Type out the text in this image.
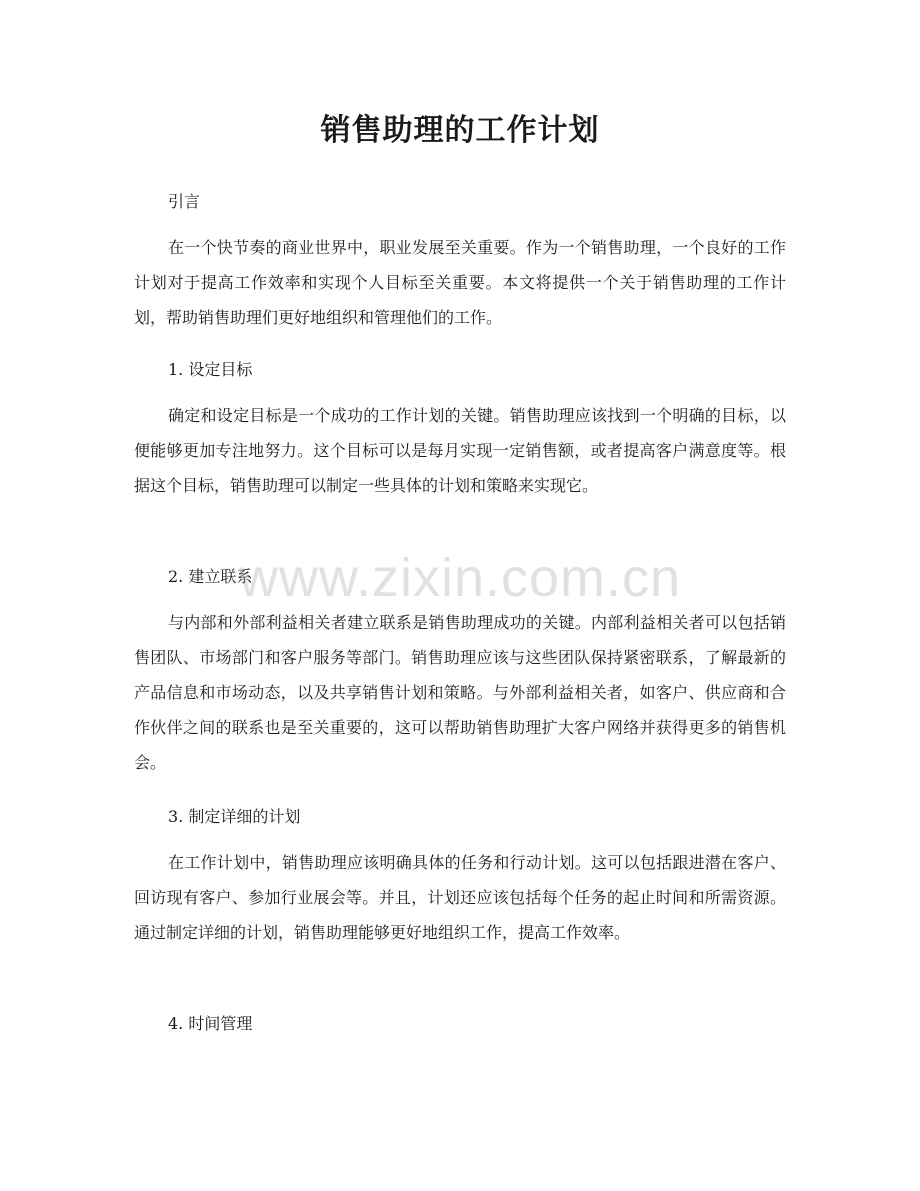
销售助理的工作计划

引言

在一个快节奏的商业世界中，职业发展至关重要。作为一个销售助理，一个良好的工作计划对于提高工作效率和实现个人目标至关重要。本文将提供一个关于销售助理的工作计划，帮助销售助理们更好地组织和管理他们的工作。

1. 设定目标

确定和设定目标是一个成功的工作计划的关键。销售助理应该找到一个明确的目标，以便能够更加专注地努力。这个目标可以是每月实现一定销售额，或者提高客户满意度等。根据这个目标，销售助理可以制定一些具体的计划和策略来实现它。

2. 建立联系

与内部和外部利益相关者建立联系是销售助理成功的关键。内部利益相关者可以包括销售团队、市场部门和客户服务等部门。销售助理应该与这些团队保持紧密联系，了解最新的产品信息和市场动态，以及共享销售计划和策略。与外部利益相关者，如客户、供应商和合作伙伴之间的联系也是至关重要的，这可以帮助销售助理扩大客户网络并获得更多的销售机会。

3. 制定详细的计划

在工作计划中，销售助理应该明确具体的任务和行动计划。这可以包括跟进潜在客户、回访现有客户、参加行业展会等。并且，计划还应该包括每个任务的起止时间和所需资源。通过制定详细的计划，销售助理能够更好地组织工作，提高工作效率。

4. 时间管理

www.zixin.com.cn
